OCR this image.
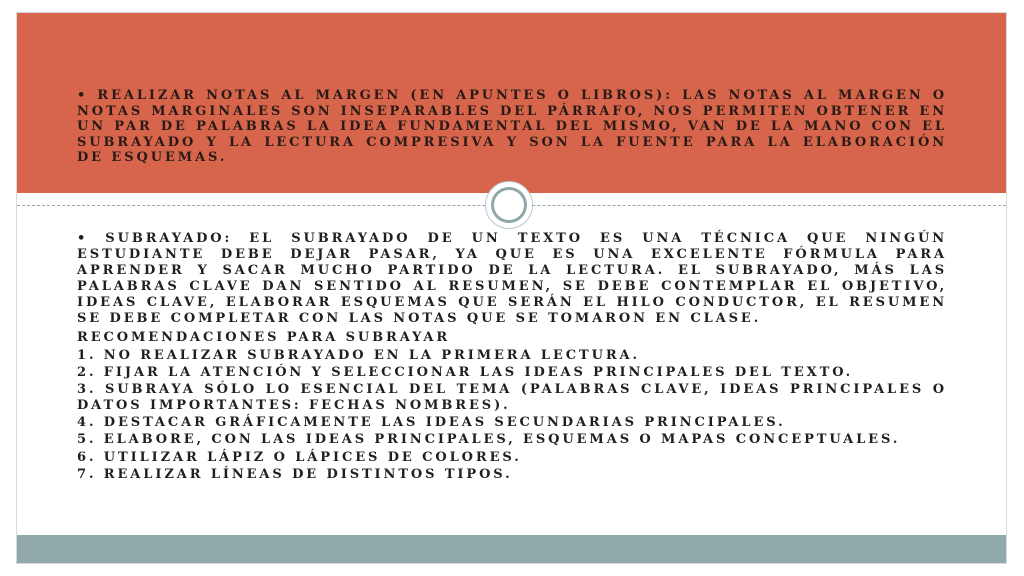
• REALIZAR NOTAS AL MARGEN (EN APUNTES O LIBROS): LAS NOTAS AL MARGEN O NOTAS MARGINALES SON INSEPARABLES DEL PÁRRAFO, NOS PERMITEN OBTENER EN UN PAR DE PALABRAS LA IDEA FUNDAMENTAL DEL MISMO, VAN DE LA MANO CON EL SUBRAYADO Y LA LECTURA COMPRESIVA Y SON LA FUENTE PARA LA ELABORACIÓN DE ESQUEMAS.

• SUBRAYADO: EL SUBRAYADO DE UN TEXTO ES UNA TÉCNICA QUE NINGÚN ESTUDIANTE DEBE DEJAR PASAR, YA QUE ES UNA EXCELENTE FÓRMULA PARA APRENDER Y SACAR MUCHO PARTIDO DE LA LECTURA. EL SUBRAYADO, MÁS LAS PALABRAS CLAVE DAN SENTIDO AL RESUMEN, SE DEBE CONTEMPLAR EL OBJETIVO, IDEAS CLAVE, ELABORAR ESQUEMAS QUE SERÁN EL HILO CONDUCTOR, EL RESUMEN SE DEBE COMPLETAR CON LAS NOTAS QUE SE TOMARON EN CLASE.

RECOMENDACIONES PARA SUBRAYAR

1. NO REALIZAR SUBRAYADO EN LA PRIMERA LECTURA.

2. FIJAR LA ATENCIÓN Y SELECCIONAR LAS IDEAS PRINCIPALES DEL TEXTO.

3. SUBRAYA SÓLO LO ESENCIAL DEL TEMA (PALABRAS CLAVE, IDEAS PRINCIPALES O DATOS IMPORTANTES: FECHAS NOMBRES).

4. DESTACAR GRÁFICAMENTE LAS IDEAS SECUNDARIAS PRINCIPALES.

5. ELABORE, CON LAS IDEAS PRINCIPALES, ESQUEMAS O MAPAS CONCEPTUALES.

6. UTILIZAR LÁPIZ O LÁPICES DE COLORES.

7. REALIZAR LÍNEAS DE DISTINTOS TIPOS.
